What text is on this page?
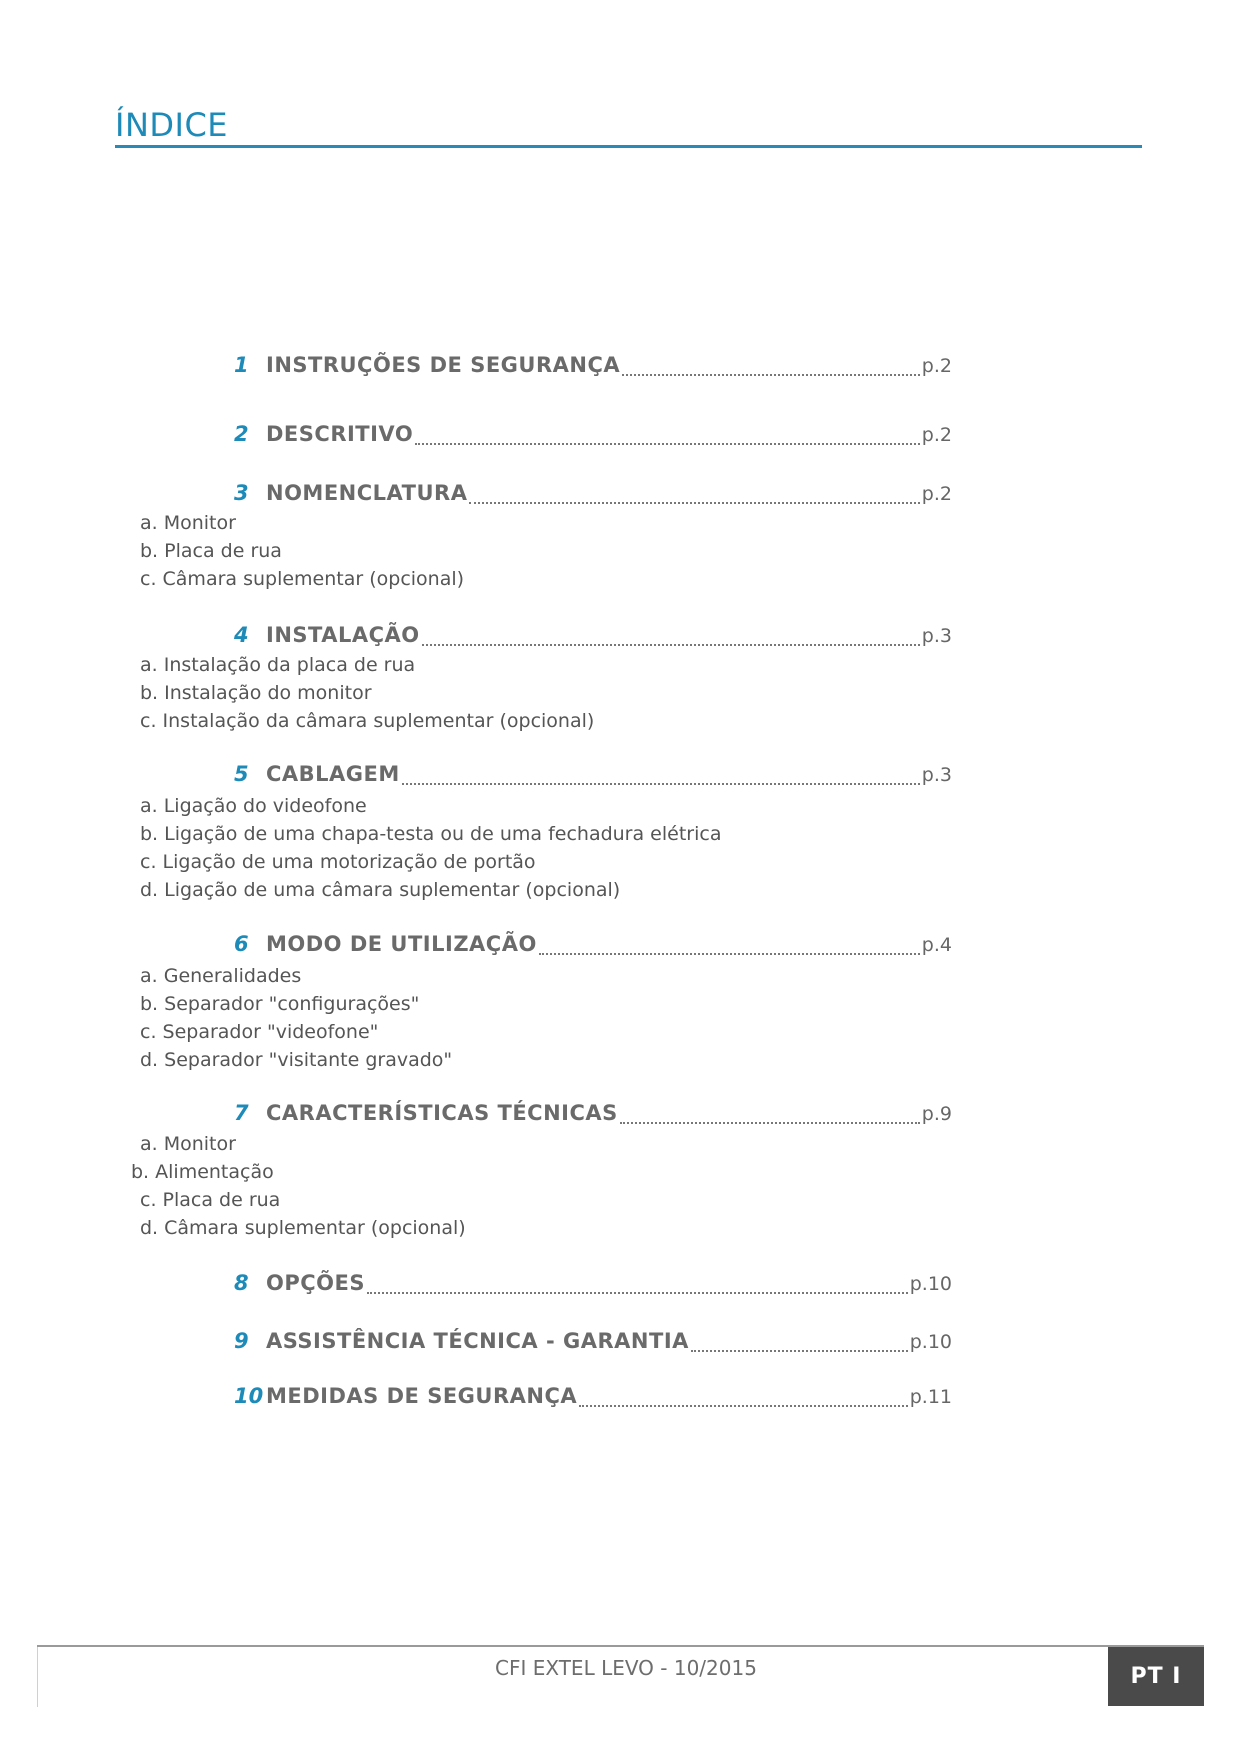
ÍNDICE
1 INSTRUÇÕES DE SEGURANÇA	p.2
2 DESCRITIVO	p.2
3 NOMENCLATURA	p.2
a. Monitor
b. Placa de rua
c. Câmara suplementar (opcional)
4 INSTALAÇÃO	p.3
a. Instalação da placa de rua
b. Instalação do monitor
c. Instalação da câmara suplementar (opcional)
5 CABLAGEM	p.3
a. Ligação do videofone
b. Ligação de uma chapa-testa ou de uma fechadura elétrica
c. Ligação de uma motorização de portão
d. Ligação de uma câmara suplementar (opcional)
6 MODO DE UTILIZAÇÃO	p.4
a. Generalidades
b. Separador "configurações"
c. Separador "videofone"
d. Separador "visitante gravado"
7 CARACTERÍSTICAS TÉCNICAS	p.9
a. Monitor
b. Alimentação
c. Placa de rua
d. Câmara suplementar (opcional)
8 OPÇÕES	p.10
9 ASSISTÊNCIA TÉCNICA - GARANTIA	p.10
10 MEDIDAS DE SEGURANÇA	p.11
CFI EXTEL LEVO - 10/2015	PT I
